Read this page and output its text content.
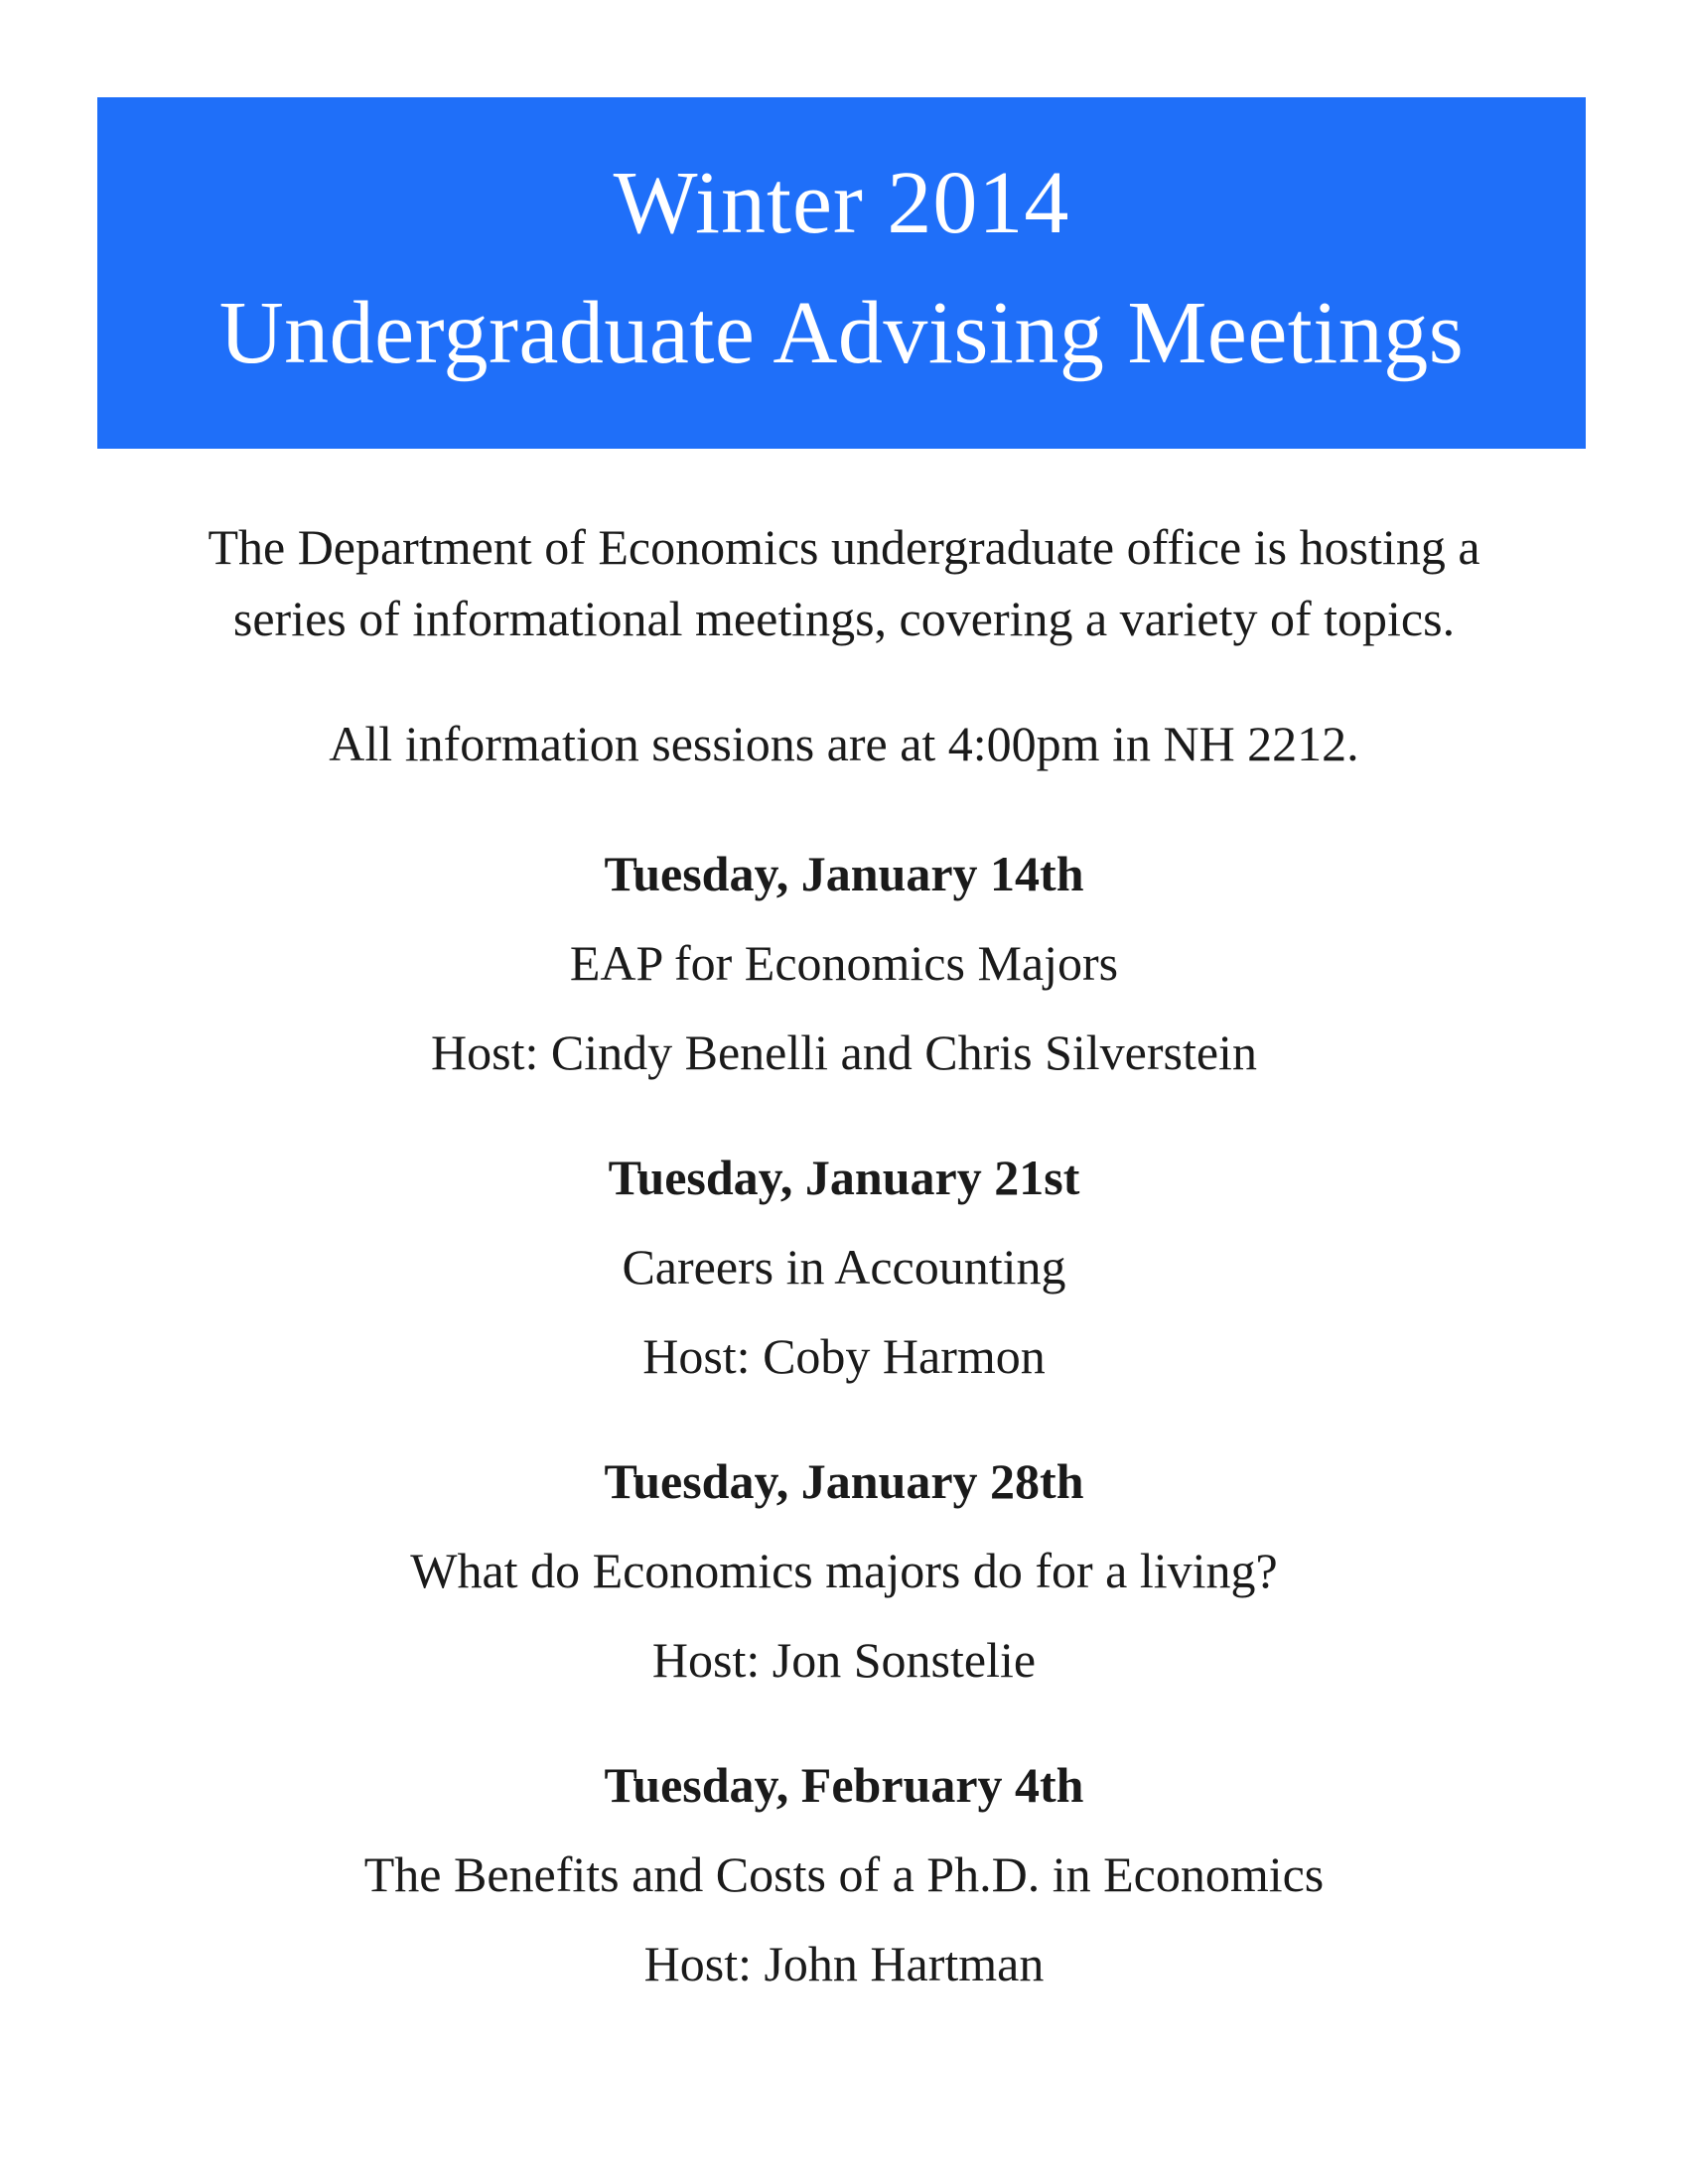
Winter 2014
Undergraduate Advising Meetings
The Department of Economics undergraduate office is hosting a
series of informational meetings, covering a variety of topics.
All information sessions are at 4:00pm in NH 2212.
Tuesday, January 14th
EAP for Economics Majors
Host: Cindy Benelli and Chris Silverstein
Tuesday, January 21st
Careers in Accounting
Host: Coby Harmon
Tuesday, January 28th
What do Economics majors do for a living?
Host: Jon Sonstelie
Tuesday, February 4th
The Benefits and Costs of a Ph.D. in Economics
Host: John Hartman
